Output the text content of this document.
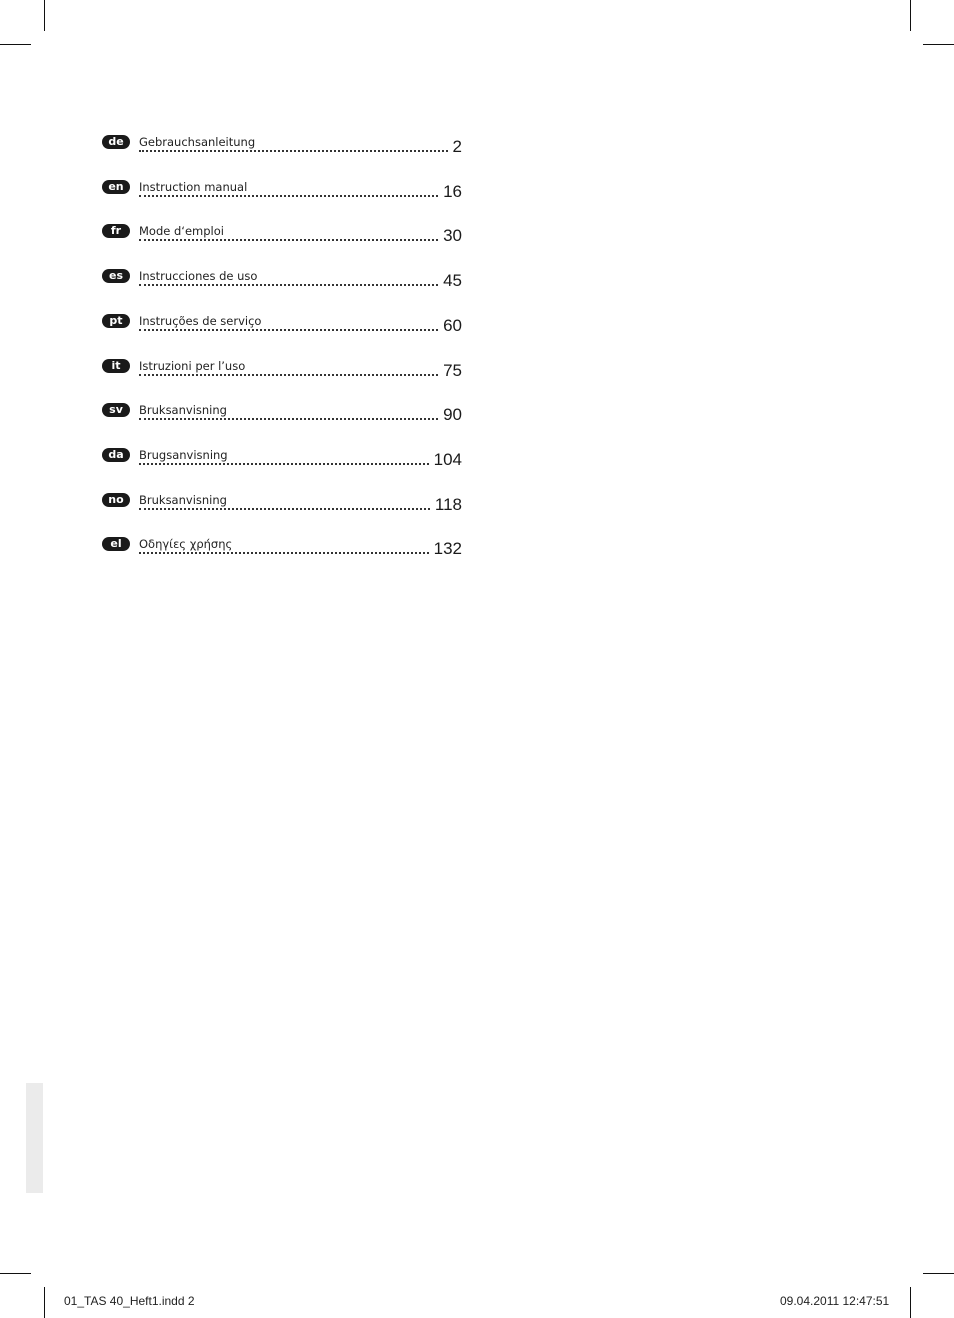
de	Gebrauchsanleitung	2
en	Instruction manual	16
fr	Mode d‘emploi	30
es	Instrucciones de uso	45
pt	Instruções de serviço	60
it	Istruzioni per l’uso	75
sv	Bruksanvisning	90
da	Brugsanvisning	104
no	Bruksanvisning	118
el	Οδηγίες χρήσης	132
01_TAS 40_Heft1.indd 2	09.04.2011 12:47:51
